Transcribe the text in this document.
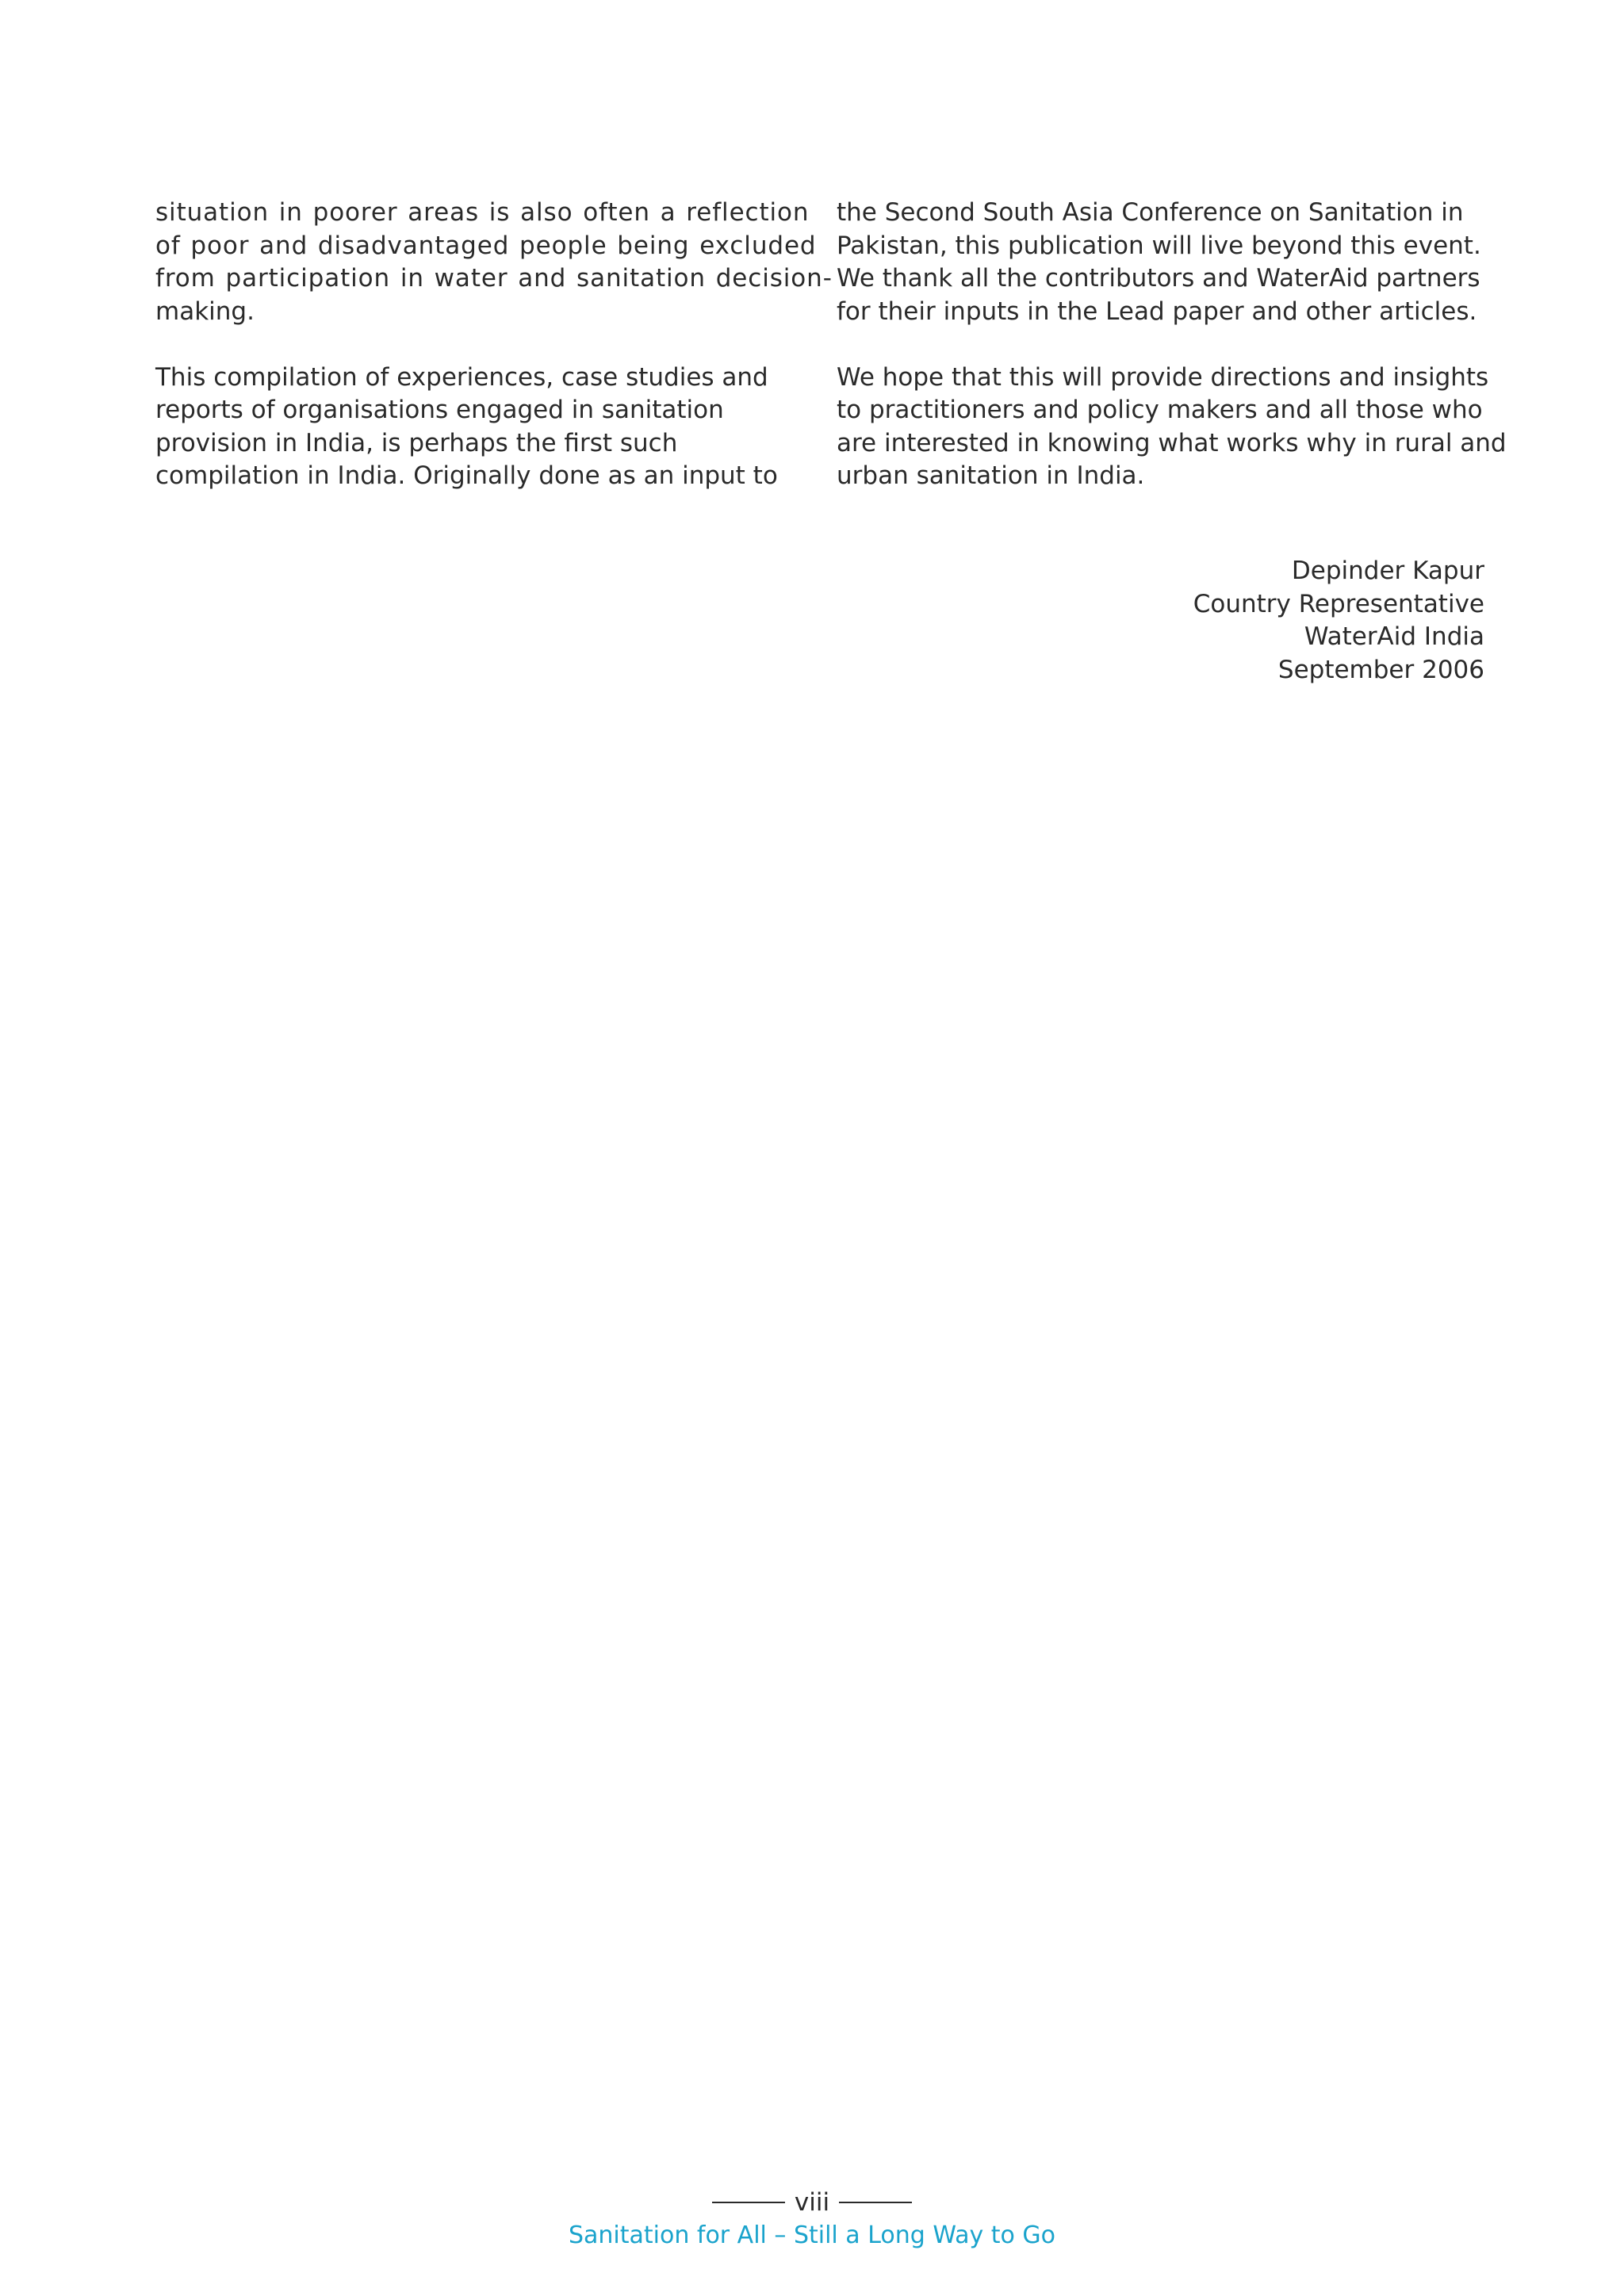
situation in poorer areas is also often a reflection
of poor and disadvantaged people being excluded
from participation in water and sanitation decision-
making.

This compilation of experiences, case studies and
reports of organisations engaged in sanitation
provision in India, is perhaps the first such
compilation in India. Originally done as an input to

the Second South Asia Conference on Sanitation in
Pakistan, this publication will live beyond this event.
We thank all the contributors and WaterAid partners
for their inputs in the Lead paper and other articles.

We hope that this will provide directions and insights
to practitioners and policy makers and all those who
are interested in knowing what works why in rural and
urban sanitation in India.

Depinder Kapur
Country Representative
WaterAid India
September 2006
viii
Sanitation for All – Still a Long Way to Go
